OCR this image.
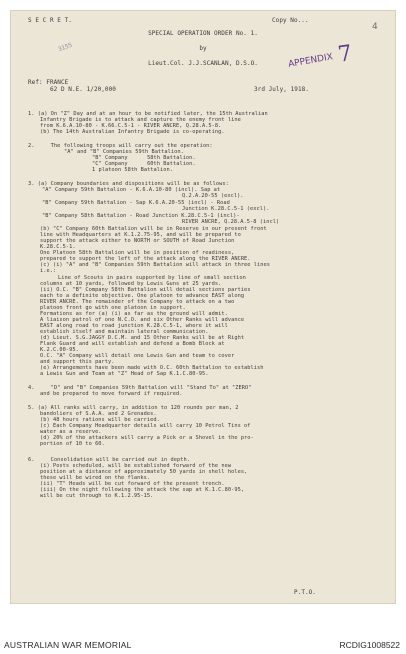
S E C R E T.	Copy No...
4
SPECIAL OPERATION ORDER No. 1.
by
Lieut.Col. J.J.SCANLAN, D.S.O.
3155
APPENDIX 7
Ref: FRANCE
62 D N.E. 1/20,000	3rd July, 1918.
1. (a) On "Z" Day and at an hour to be notified later, the 15th Australian
Infantry Brigade is to attack and capture the enemy front line
from K.6.A.10-80 - K.66.C.5-1 - RIVER ANCRE, Q.28.A.5-8.
(b) The 14th Australian Infantry Brigade is co-operating.
2.     The following troops will carry out the operation:
"A" and "B" Companies 59th Battalion.
"B" Company      58th Battalion.
"C" Company      60th Battalion.
1 platoon 58th Battalion.
3. (a) Company boundaries and dispositions will be as follows:
"A" Company 59th Battalion - K.6.A.10-80 (incl). Sap at
Q.2.A.20-55 (excl).
"B" Company 59th Battalion - Sap K.6.A.20-55 (incl) - Road
Junction K.28.C.5-1 (excl).
"B" Company 58th Battalion - Road Junction K.28.C.5-1 (incl)-
RIVER ANCRE, Q.28.A.5-8 (incl)
(b) "C" Company 60th Battalion will be in Reserve in our present front
line with Headquarters at K.1.2.75-95, and will be prepared to
support the attack either to NORTH or SOUTH of Road Junction
K.28.C.5-1.
One Platoon 58th Battalion will be in position of readiness,
prepared to support the left of the attack along the RIVER ANCRE.
(c) (i) "A" and "B" Companies 59th Battalion will attack in three lines
i.e.:
Line of Scouts in pairs supported by line of small section
columns at 10 yards, followed by Lewis Guns at 25 yards.
(ii) O.C. "B" Company 58th Battalion will detail sections parties
each to a definite objective. One platoon to advance EAST along
RIVER ANCRE. The remainder of the Company to attack on a two
platoon front go with one platoon in support.
Formations as for (a) (i) as far as the ground will admit.
A liaison patrol of one N.C.O. and six Other Ranks will advance
EAST along road to road junction K.28.C.5-1, where it will
establish itself and maintain lateral communication.
(d) Lieut. S.G.JAGGY D.C.M. and 15 Other Ranks will be at Right
Flank Guard and will establish and defend a Bomb Block at
K.2.C.00-95.
O.C. "A" Company will detail one Lewis Gun and team to cover
and support this party.
(e) Arrangements have been made with O.C. 60th Battalion to establish
a Lewis Gun and Team at "Z" Head of Sap K.1.C.80-95.
4.     "D" and "B" Companies 59th Battalion will "Stand To" at "ZERO"
and be prepared to move forward if required.
5. (a) All ranks will carry, in addition to 120 rounds per man, 2
bandoliers of S.A.A. and 2 Grenades.
(b) 48 hours rations will be carried.
(c) Each Company Headquarter details will carry 10 Petrol Tins of
water as a reserve.
(d) 20% of the attackers will carry a Pick or a Shovel in the pro-
portion of 10 to 60.
6.     Consolidation will be carried out in depth.
(i) Posts scheduled, will be established forward of the new
position at a distance of approximately 50 yards in shell holes,
these will be wired on the flanks.
(ii) "T" Heads will be cut forward of the present trench.
(iii) On the night following the attack the sap at K.1.C.80-95,
will be cut through to K.1.2.95-15.
P.T.O.
AUSTRALIAN WAR MEMORIAL	RCDIG1008522
